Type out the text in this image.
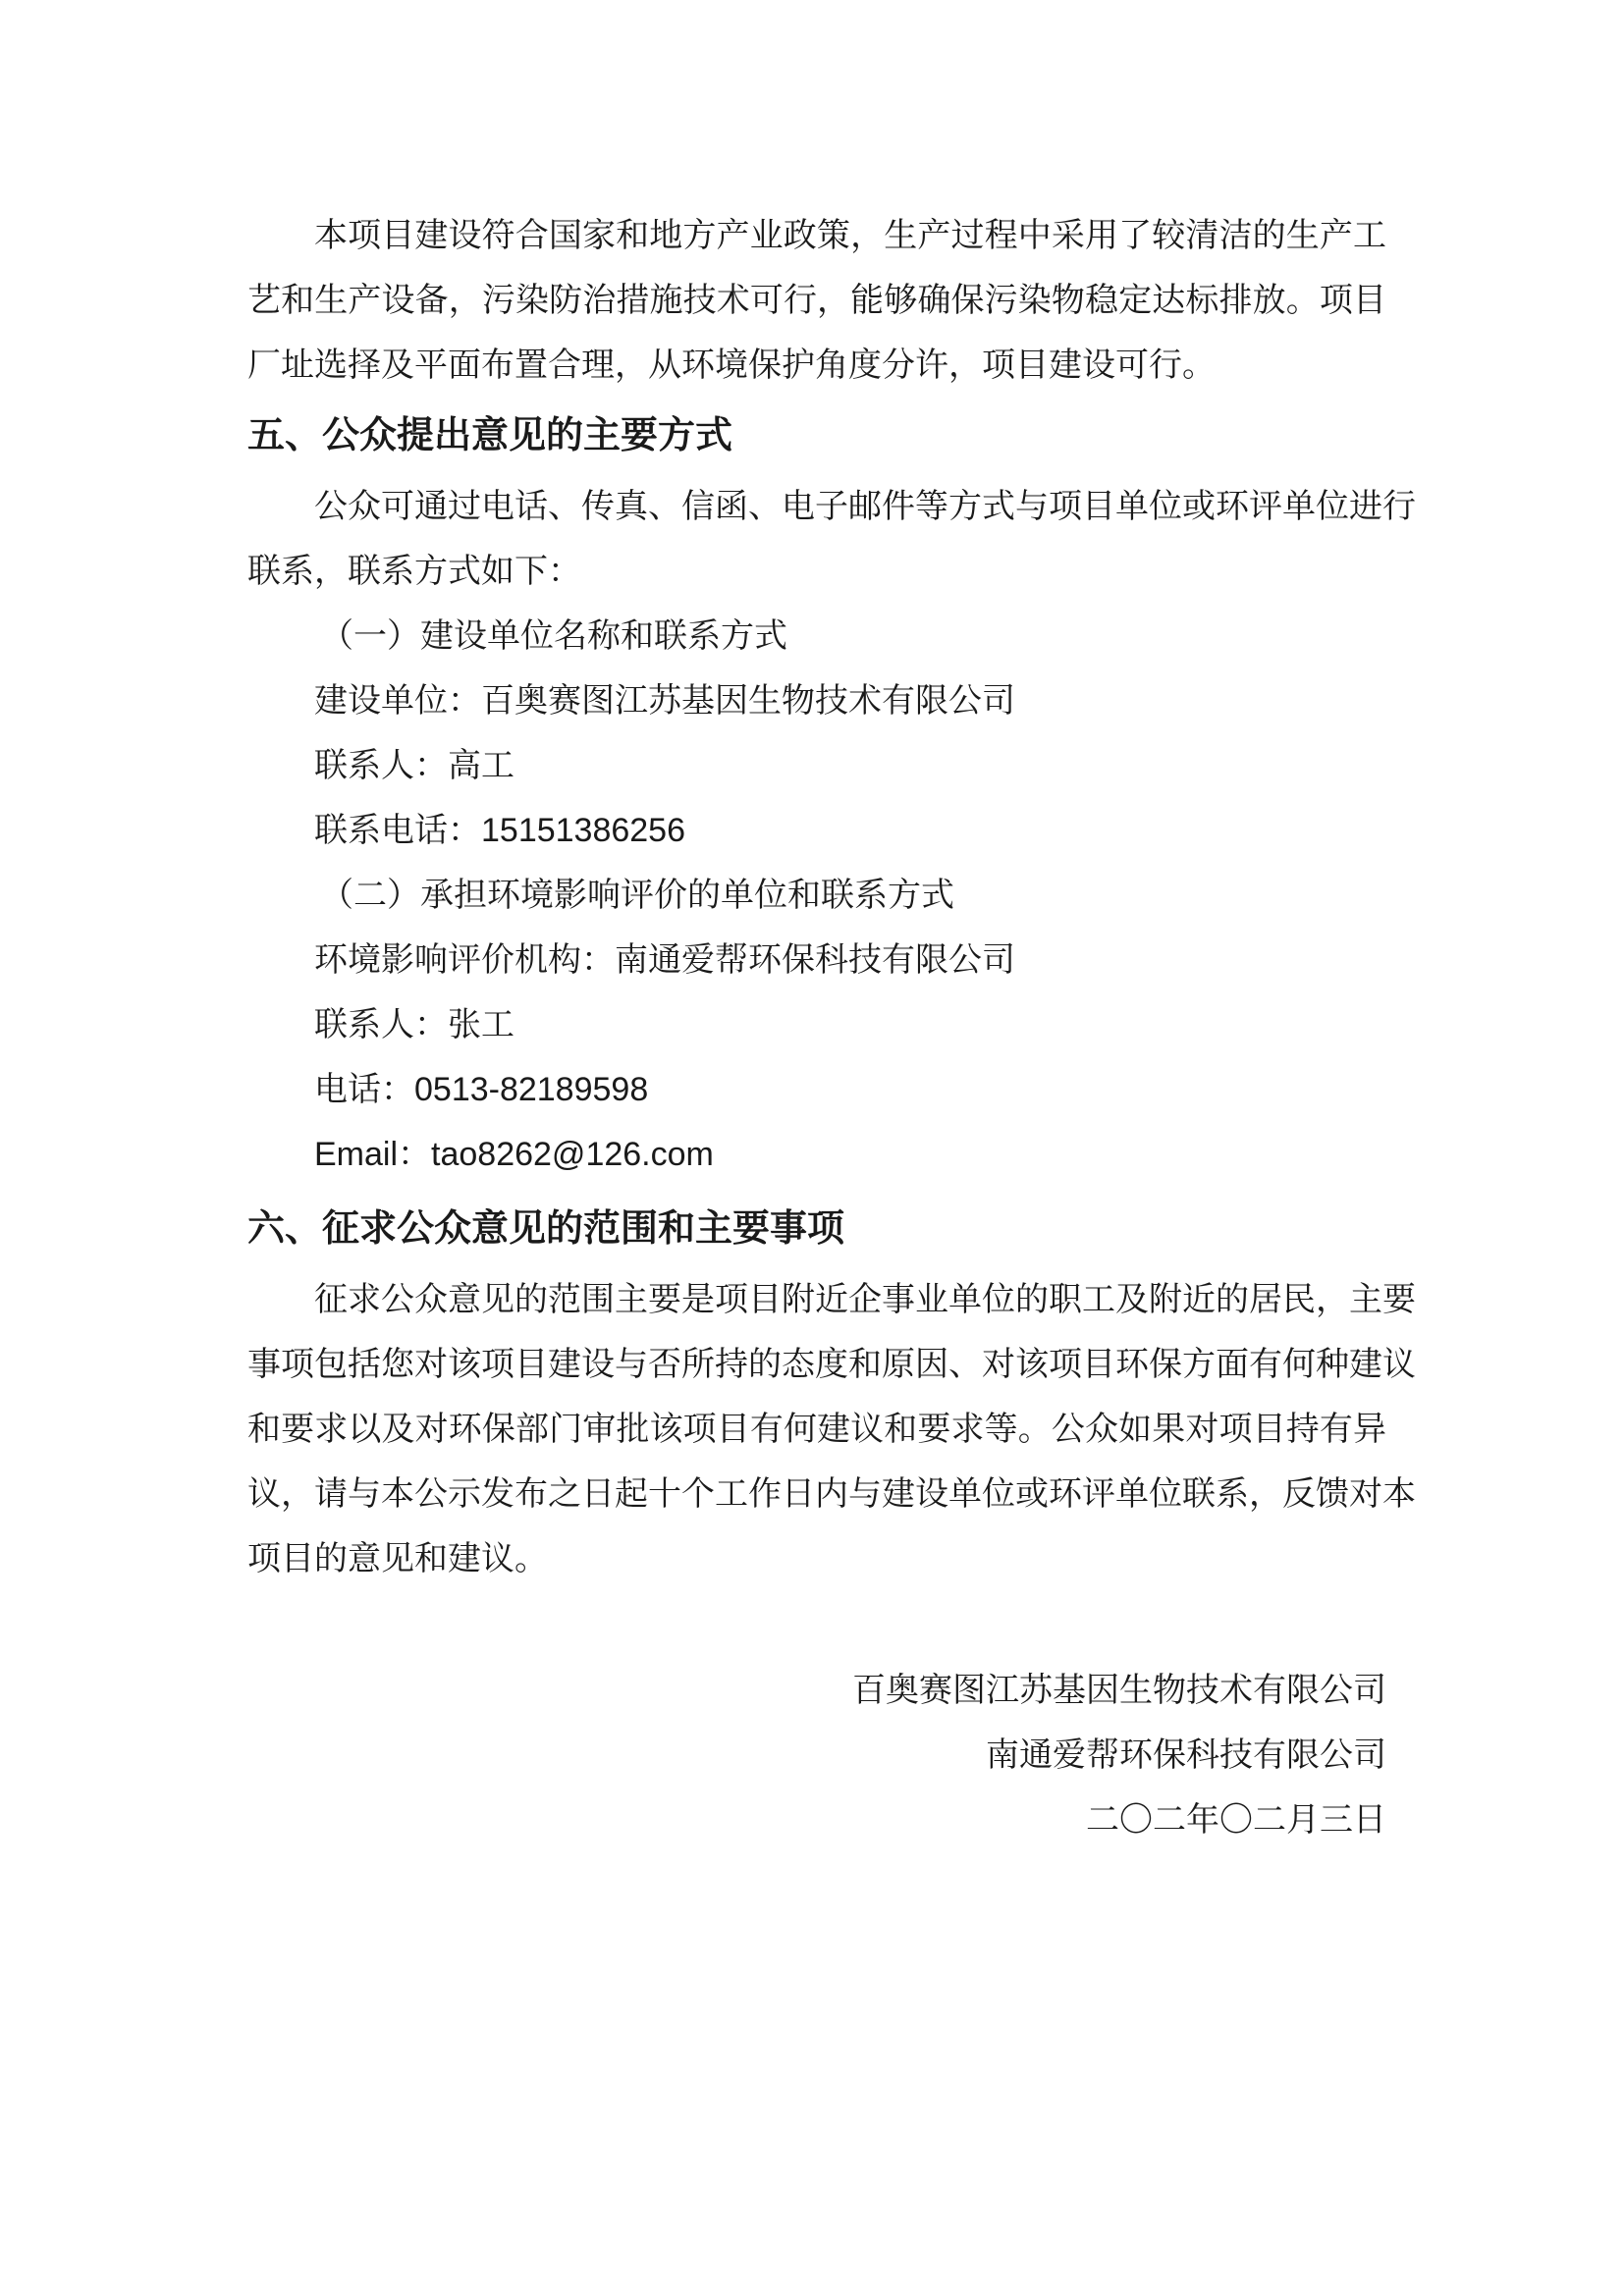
本项目建设符合国家和地方产业政策，生产过程中采用了较清洁的生产工

艺和生产设备，污染防治措施技术可行，能够确保污染物稳定达标排放。项目

厂址选择及平面布置合理，从环境保护角度分许，项目建设可行。

五、公众提出意见的主要方式

公众可通过电话、传真、信函、电子邮件等方式与项目单位或环评单位进行

联系，联系方式如下：

（一）建设单位名称和联系方式

建设单位：百奥赛图江苏基因生物技术有限公司

联系人：高工

联系电话：15151386256

（二）承担环境影响评价的单位和联系方式

环境影响评价机构：南通爱帮环保科技有限公司

联系人：张工

电话：0513-82189598

Email：tao8262@126.com

六、征求公众意见的范围和主要事项

征求公众意见的范围主要是项目附近企事业单位的职工及附近的居民，主要

事项包括您对该项目建设与否所持的态度和原因、对该项目环保方面有何种建议

和要求以及对环保部门审批该项目有何建议和要求等。公众如果对项目持有异

议，请与本公示发布之日起十个工作日内与建设单位或环评单位联系，反馈对本

项目的意见和建议。

百奥赛图江苏基因生物技术有限公司

南通爱帮环保科技有限公司

二〇二年〇二月三日
